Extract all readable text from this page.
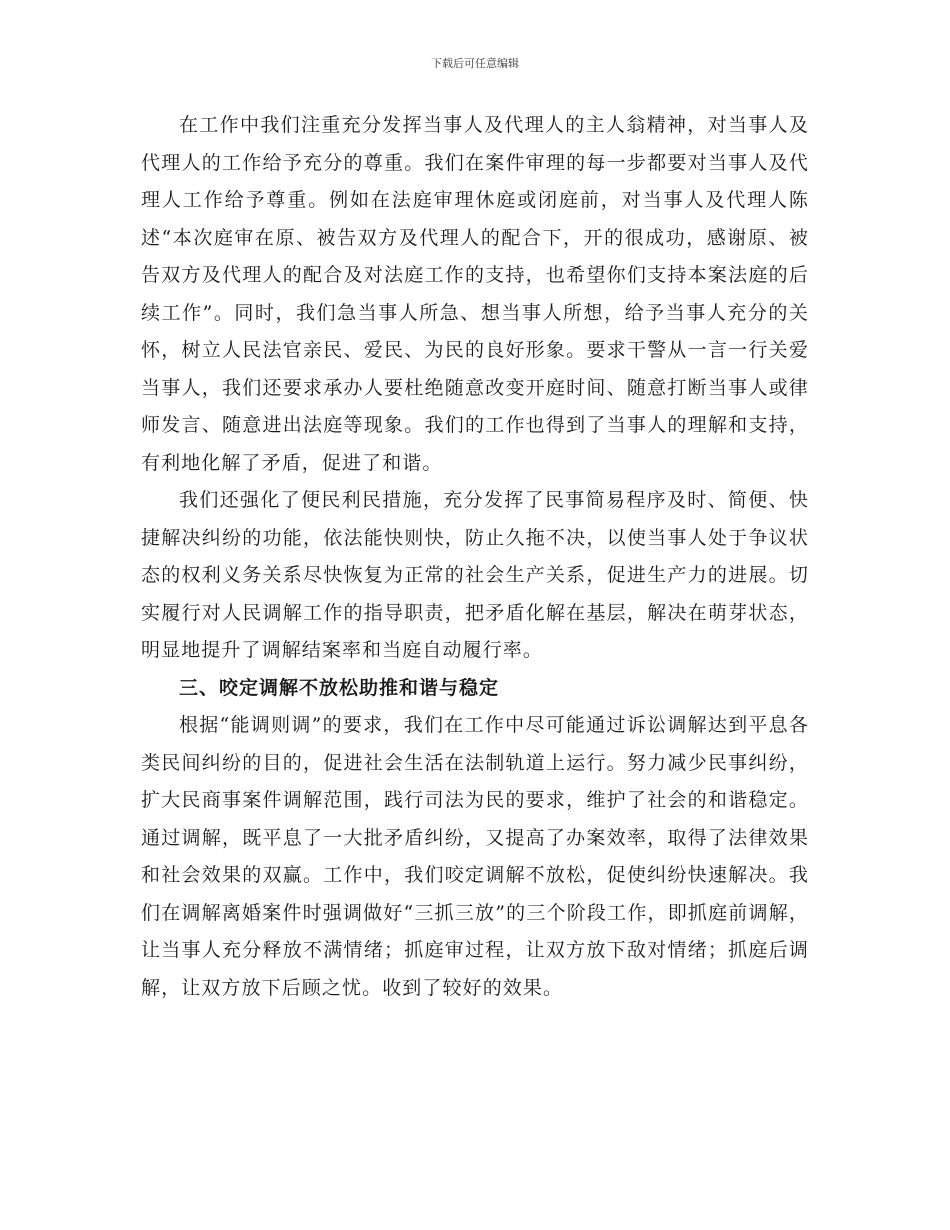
下载后可任意编辑

在工作中我们注重充分发挥当事人及代理人的主人翁精神，对当事人及代理人的工作给予充分的尊重。我们在案件审理的每一步都要对当事人及代理人工作给予尊重。例如在法庭审理休庭或闭庭前，对当事人及代理人陈述“本次庭审在原、被告双方及代理人的配合下，开的很成功，感谢原、被告双方及代理人的配合及对法庭工作的支持，也希望你们支持本案法庭的后续工作”。同时，我们急当事人所急、想当事人所想，给予当事人充分的关怀，树立人民法官亲民、爱民、为民的良好形象。要求干警从一言一行关爱当事人，我们还要求承办人要杜绝随意改变开庭时间、随意打断当事人或律师发言、随意进出法庭等现象。我们的工作也得到了当事人的理解和支持，有利地化解了矛盾，促进了和谐。

我们还强化了便民利民措施，充分发挥了民事简易程序及时、简便、快捷解决纠纷的功能，依法能快则快，防止久拖不决，以使当事人处于争议状态的权利义务关系尽快恢复为正常的社会生产关系，促进生产力的进展。切实履行对人民调解工作的指导职责，把矛盾化解在基层，解决在萌芽状态，明显地提升了调解结案率和当庭自动履行率。

三、咬定调解不放松助推和谐与稳定

根据“能调则调”的要求，我们在工作中尽可能通过诉讼调解达到平息各类民间纠纷的目的，促进社会生活在法制轨道上运行。努力减少民事纠纷，扩大民商事案件调解范围，践行司法为民的要求，维护了社会的和谐稳定。通过调解，既平息了一大批矛盾纠纷，又提高了办案效率，取得了法律效果和社会效果的双赢。工作中，我们咬定调解不放松，促使纠纷快速解决。我们在调解离婚案件时强调做好“三抓三放”的三个阶段工作，即抓庭前调解，让当事人充分释放不满情绪；抓庭审过程，让双方放下敌对情绪；抓庭后调解，让双方放下后顾之忧。收到了较好的效果。
